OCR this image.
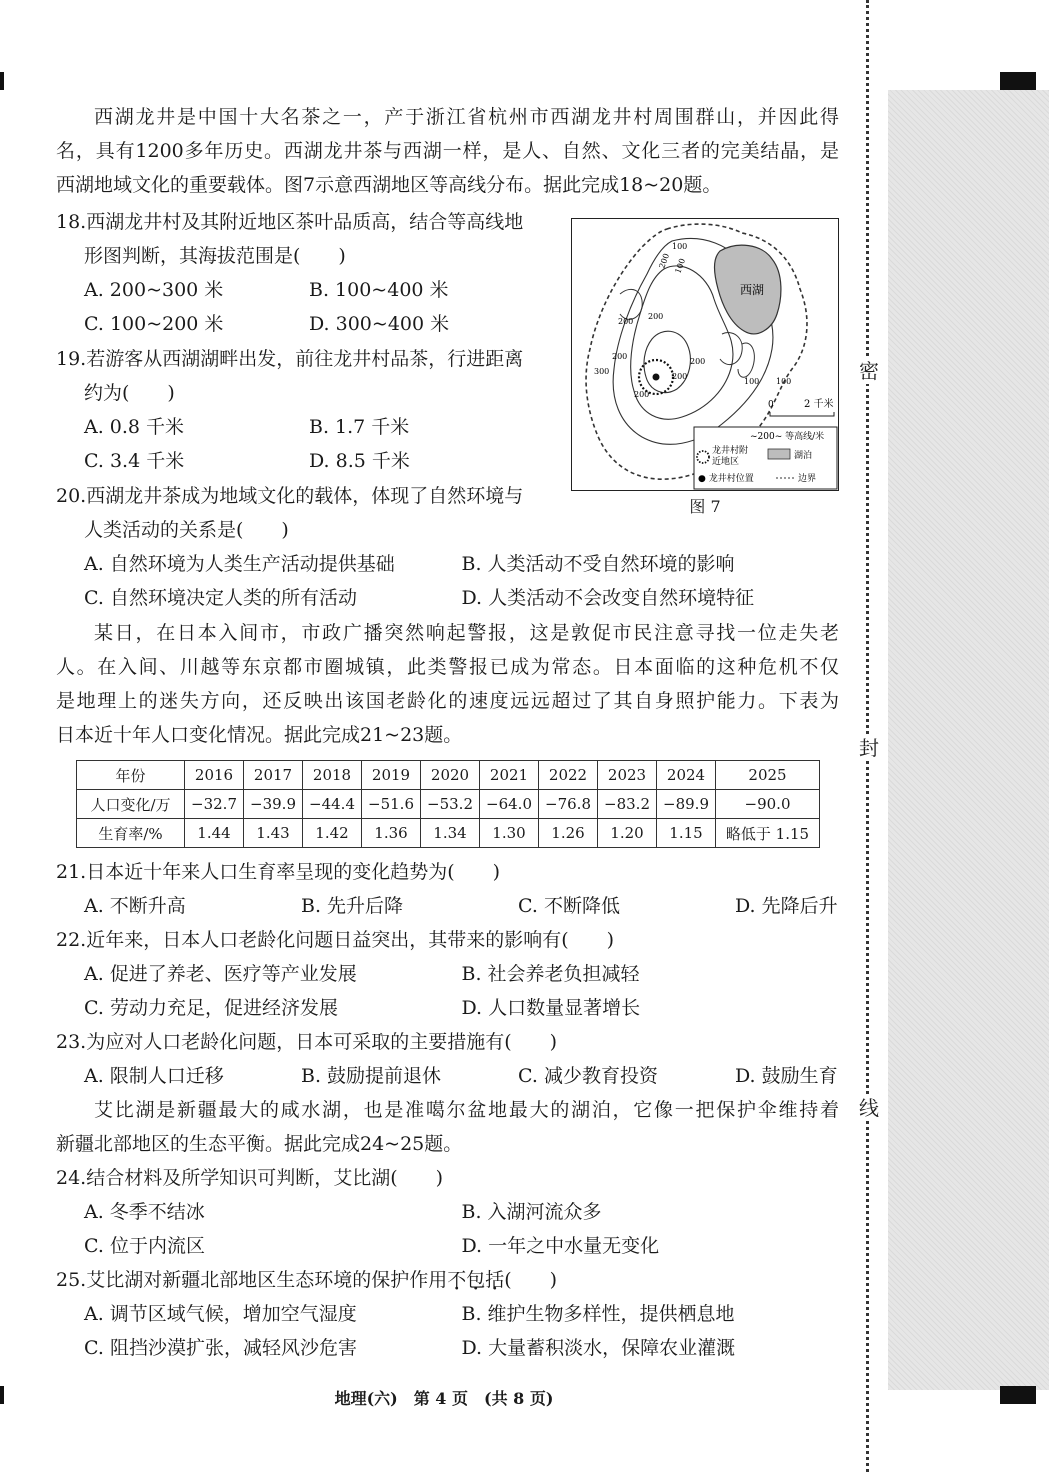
密
封
线
西湖龙井是中国十大名茶之一，产于浙江省杭州市西湖龙井村周围群山，并因此得
名，具有1200多年历史。西湖龙井茶与西湖一样，是人、自然、文化三者的完美结晶，是
西湖地域文化的重要载体。图7示意西湖地区等高线分布。据此完成18~20题。
18.西湖龙井村及其附近地区茶叶品质高，结合等高线地
形图判断，其海拔范围是(　　)
A. 200~300 米	B. 100~400 米
C. 100~200 米	D. 300~400 米
19.若游客从西湖湖畔出发，前往龙井村品茶，行进距离
约为(　　)
A. 0.8 千米	B. 1.7 千米
C. 3.4 千米	D. 8.5 千米
20.西湖龙井茶成为地域文化的载体，体现了自然环境与
人类活动的关系是(　　)
A. 自然环境为人类生产活动提供基础	B. 人类活动不受自然环境的影响
C. 自然环境决定人类的所有活动	D. 人类活动不会改变自然环境特征
西湖
100
200 100
200
200
200
300
200
200
200
100 100
0	2 千米
~200~ 等高线/米
龙井村附
近地区
湖泊
● 龙井村位置	边界
图 7
某日，在日本入间市，市政广播突然响起警报，这是敦促市民注意寻找一位走失老
人。在入间、川越等东京都市圈城镇，此类警报已成为常态。日本面临的这种危机不仅
是地理上的迷失方向，还反映出该国老龄化的速度远远超过了其自身照护能力。下表为
日本近十年人口变化情况。据此完成21~23题。
年份	2016	2017	2018	2019	2020	2021	2022	2023	2024	2025
人口变化/万	−32.7	−39.9	−44.4	−51.6	−53.2	−64.0	−76.8	−83.2	−89.9	−90.0
生育率/%	1.44	1.43	1.42	1.36	1.34	1.30	1.26	1.20	1.15	略低于 1.15
21.日本近十年来人口生育率呈现的变化趋势为(　　)
A. 不断升高	B. 先升后降	C. 不断降低	D. 先降后升
22.近年来，日本人口老龄化问题日益突出，其带来的影响有(　　)
A. 促进了养老、医疗等产业发展	B. 社会养老负担减轻
C. 劳动力充足，促进经济发展	D. 人口数量显著增长
23.为应对人口老龄化问题，日本可采取的主要措施有(　　)
A. 限制人口迁移	B. 鼓励提前退休	C. 减少教育投资	D. 鼓励生育
艾比湖是新疆最大的咸水湖，也是准噶尔盆地最大的湖泊，它像一把保护伞维持着
新疆北部地区的生态平衡。据此完成24~25题。
24.结合材料及所学知识可判断，艾比湖(　　)
A. 冬季不结冰	B. 入湖河流众多
C. 位于内流区	D. 一年之中水量无变化
25.艾比湖对新疆北部地区生态环境的保护作用不包括(　　)
A. 调节区域气候，增加空气湿度	B. 维护生物多样性，提供栖息地
C. 阻挡沙漠扩张，减轻风沙危害	D. 大量蓄积淡水，保障农业灌溉
地理(六)　第 4 页　(共 8 页)
